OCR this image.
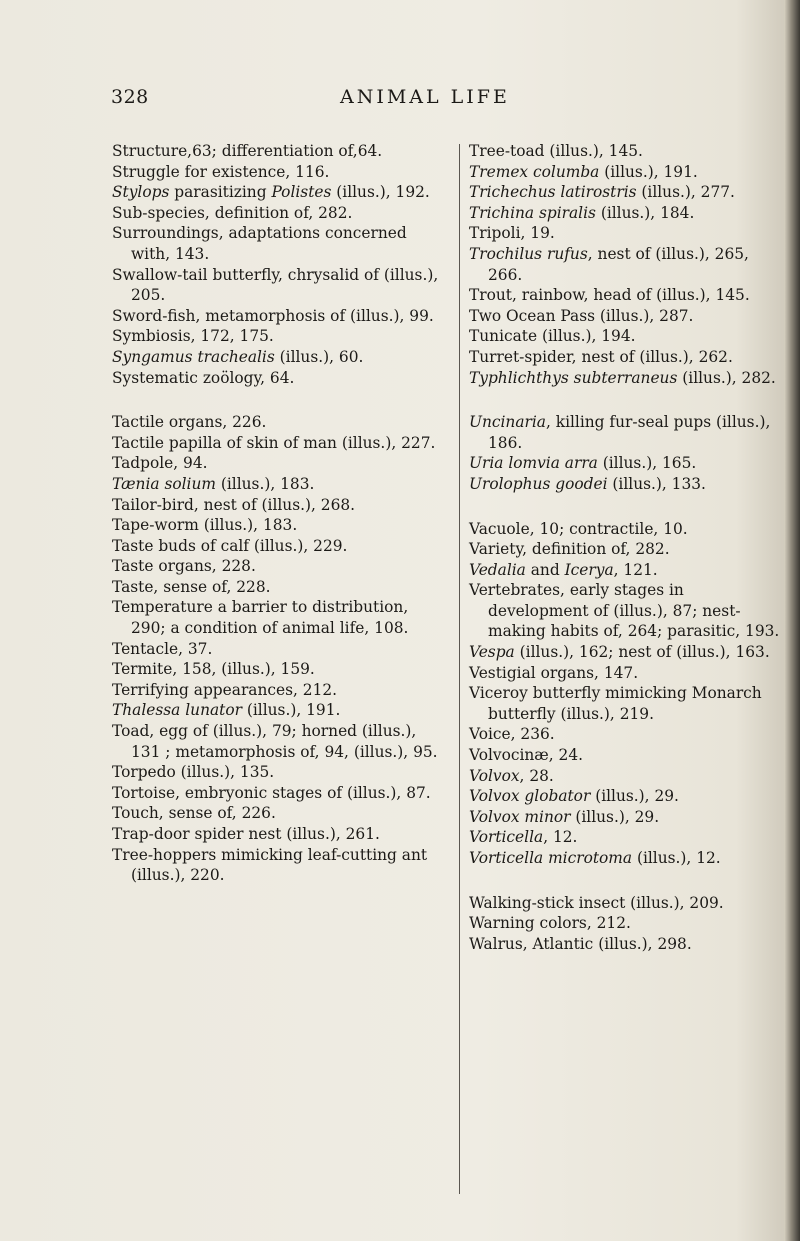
328	ANIMAL LIFE

Structure,63; differentiation of,64.

Struggle for existence, 116.

Stylops parasitizing Polistes (illus.), 192.

Sub-species, definition of, 282.

Surroundings, adaptations concerned with, 143.

Swallow-tail butterfly, chrysalid of (illus.), 205.

Sword-fish, metamorphosis of (illus.), 99.

Symbiosis, 172, 175.

Syngamus trachealis (illus.), 60.

Systematic zoölogy, 64.

Tactile organs, 226.

Tactile papilla of skin of man (illus.), 227.

Tadpole, 94.

Tænia solium (illus.), 183.

Tailor-bird, nest of (illus.), 268.

Tape-worm (illus.), 183.

Taste buds of calf (illus.), 229.

Taste organs, 228.

Taste, sense of, 228.

Temperature a barrier to distribution, 290; a condition of animal life, 108.

Tentacle, 37.

Termite, 158, (illus.), 159.

Terrifying appearances, 212.

Thalessa lunator (illus.), 191.

Toad, egg of (illus.), 79; horned (illus.), 131 ; metamorphosis of, 94, (illus.), 95.

Torpedo (illus.), 135.

Tortoise, embryonic stages of (illus.), 87.

Touch, sense of, 226.

Trap-door spider nest (illus.), 261.

Tree-hoppers mimicking leaf-cutting ant (illus.), 220.

Tree-toad (illus.), 145.

Tremex columba (illus.), 191.

Trichechus latirostris (illus.), 277.

Trichina spiralis (illus.), 184.

Tripoli, 19.

Trochilus rufus, nest of (illus.), 265, 266.

Trout, rainbow, head of (illus.), 145.

Two Ocean Pass (illus.), 287.

Tunicate (illus.), 194.

Turret-spider, nest of (illus.), 262.

Typhlichthys subterraneus (illus.), 282.

Uncinaria, killing fur-seal pups (illus.), 186.

Uria lomvia arra (illus.), 165.

Urolophus goodei (illus.), 133.

Vacuole, 10; contractile, 10.

Variety, definition of, 282.

Vedalia and Icerya, 121.

Vertebrates, early stages in development of (illus.), 87; nest-making habits of, 264; parasitic, 193.

Vespa (illus.), 162; nest of (illus.), 163.

Vestigial organs, 147.

Viceroy butterfly mimicking Monarch butterfly (illus.), 219.

Voice, 236.

Volvocinæ, 24.

Volvox, 28.

Volvox globator (illus.), 29.

Volvox minor (illus.), 29.

Vorticella, 12.

Vorticella microtoma (illus.), 12.

Walking-stick insect (illus.), 209.

Warning colors, 212.

Walrus, Atlantic (illus.), 298.
